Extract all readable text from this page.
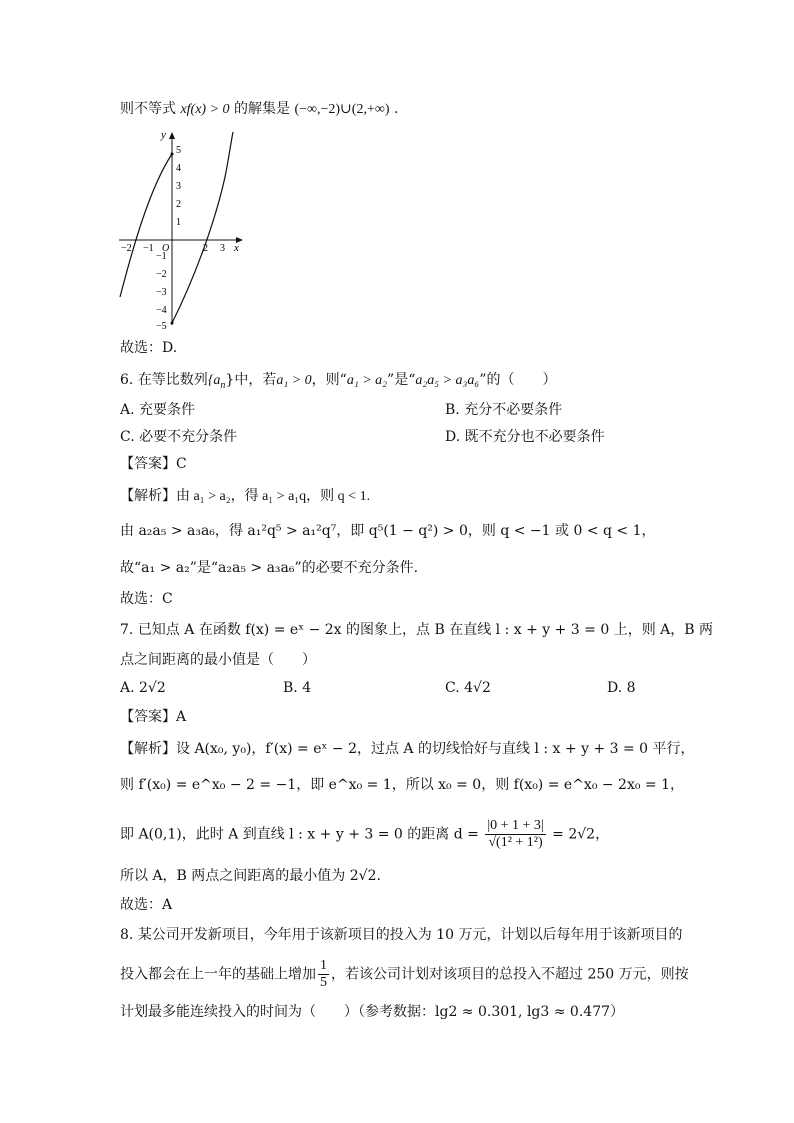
则不等式 xf(x) > 0 的解集是 (−∞,−2)∪(2,+∞) .
x
y
O
−2 −1	2 3
5
4
3
2
1
−1
−2
−3
−4
−5
故选：D.
6. 在等比数列$\{a_n\}$中，若a₁ > 0，则“a₁ > a₂”是“a₂a₅ > a₃a₆”的（　　）
A. 充要条件	B. 充分不必要条件
C. 必要不充分条件	D. 既不充分也不必要条件
【答案】C
【解析】由 a₁ > a₂，得 a₁ > a₁q，则 q < 1.
由 a₂a₅ > a₃a₆，得 a₁²q⁵ > a₁²q⁷，即 q⁵(1 − q²) > 0，则 q < −1 或 0 < q < 1，
故“a₁ > a₂”是“a₂a₅ > a₃a₆”的必要不充分条件.
故选：C
7. 已知点 A 在函数 f(x) = eˣ − 2x 的图象上，点 B 在直线 l : x + y + 3 = 0 上，则 A，B 两
点之间距离的最小值是（　　）
A. 2√2	B. 4	C. 4√2	D. 8
【答案】A
【解析】设 A(x₀, y₀)，f′(x) = eˣ − 2，过点 A 的切线恰好与直线 l : x + y + 3 = 0 平行，
则 f′(x₀) = e^x₀ − 2 = −1，即 e^x₀ = 1，所以 x₀ = 0，则 f(x₀) = e^x₀ − 2x₀ = 1，
即 A(0,1)，此时 A 到直线 l : x + y + 3 = 0 的距离 $d = \frac{|0 + 1 + 3|}{\text{√(1² + 1²)}} = 2√2$，
所以 A，B 两点之间距离的最小值为 2√2.
故选：A
8. 某公司开发新项目，今年用于该新项目的投入为 10 万元，计划以后每年用于该新项目的
投入都会在上一年的基础上增加 $\frac{1}{5}$ ，若该公司计划对该项目的总投入不超过 250 万元，则按
计划最多能连续投入的时间为（　　）（参考数据：lg2 ≈ 0.301, lg3 ≈ 0.477）
